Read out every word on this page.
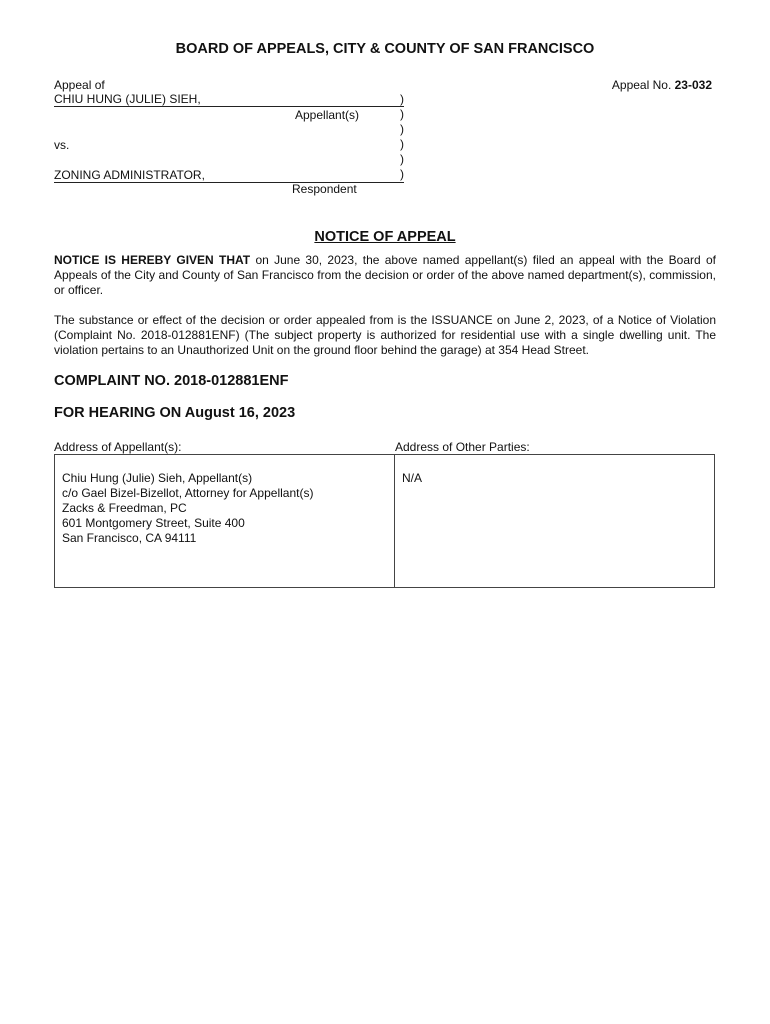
BOARD OF APPEALS, CITY & COUNTY OF SAN FRANCISCO
Appeal of
CHIU HUNG (JULIE) SIEH,
Appellant(s)
vs.
ZONING ADMINISTRATOR,
Respondent
)
)
)
)
)
)
Appeal No. 23-032
NOTICE OF APPEAL
NOTICE IS HEREBY GIVEN THAT on June 30, 2023, the above named appellant(s) filed an appeal with the Board of Appeals of the City and County of San Francisco from the decision or order of the above named department(s), commission, or officer.
The substance or effect of the decision or order appealed from is the ISSUANCE on June 2, 2023, of a Notice of Violation (Complaint No. 2018-012881ENF) (The subject property is authorized for residential use with a single dwelling unit. The violation pertains to an Unauthorized Unit on the ground floor behind the garage) at 354 Head Street.
COMPLAINT NO. 2018-012881ENF
FOR HEARING ON August 16, 2023
Address of Appellant(s):	Address of Other Parties:
Chiu Hung (Julie) Sieh, Appellant(s)
c/o Gael Bizel-Bizellot, Attorney for Appellant(s)
Zacks & Freedman, PC
601 Montgomery Street, Suite 400
San Francisco, CA 94111
N/A
